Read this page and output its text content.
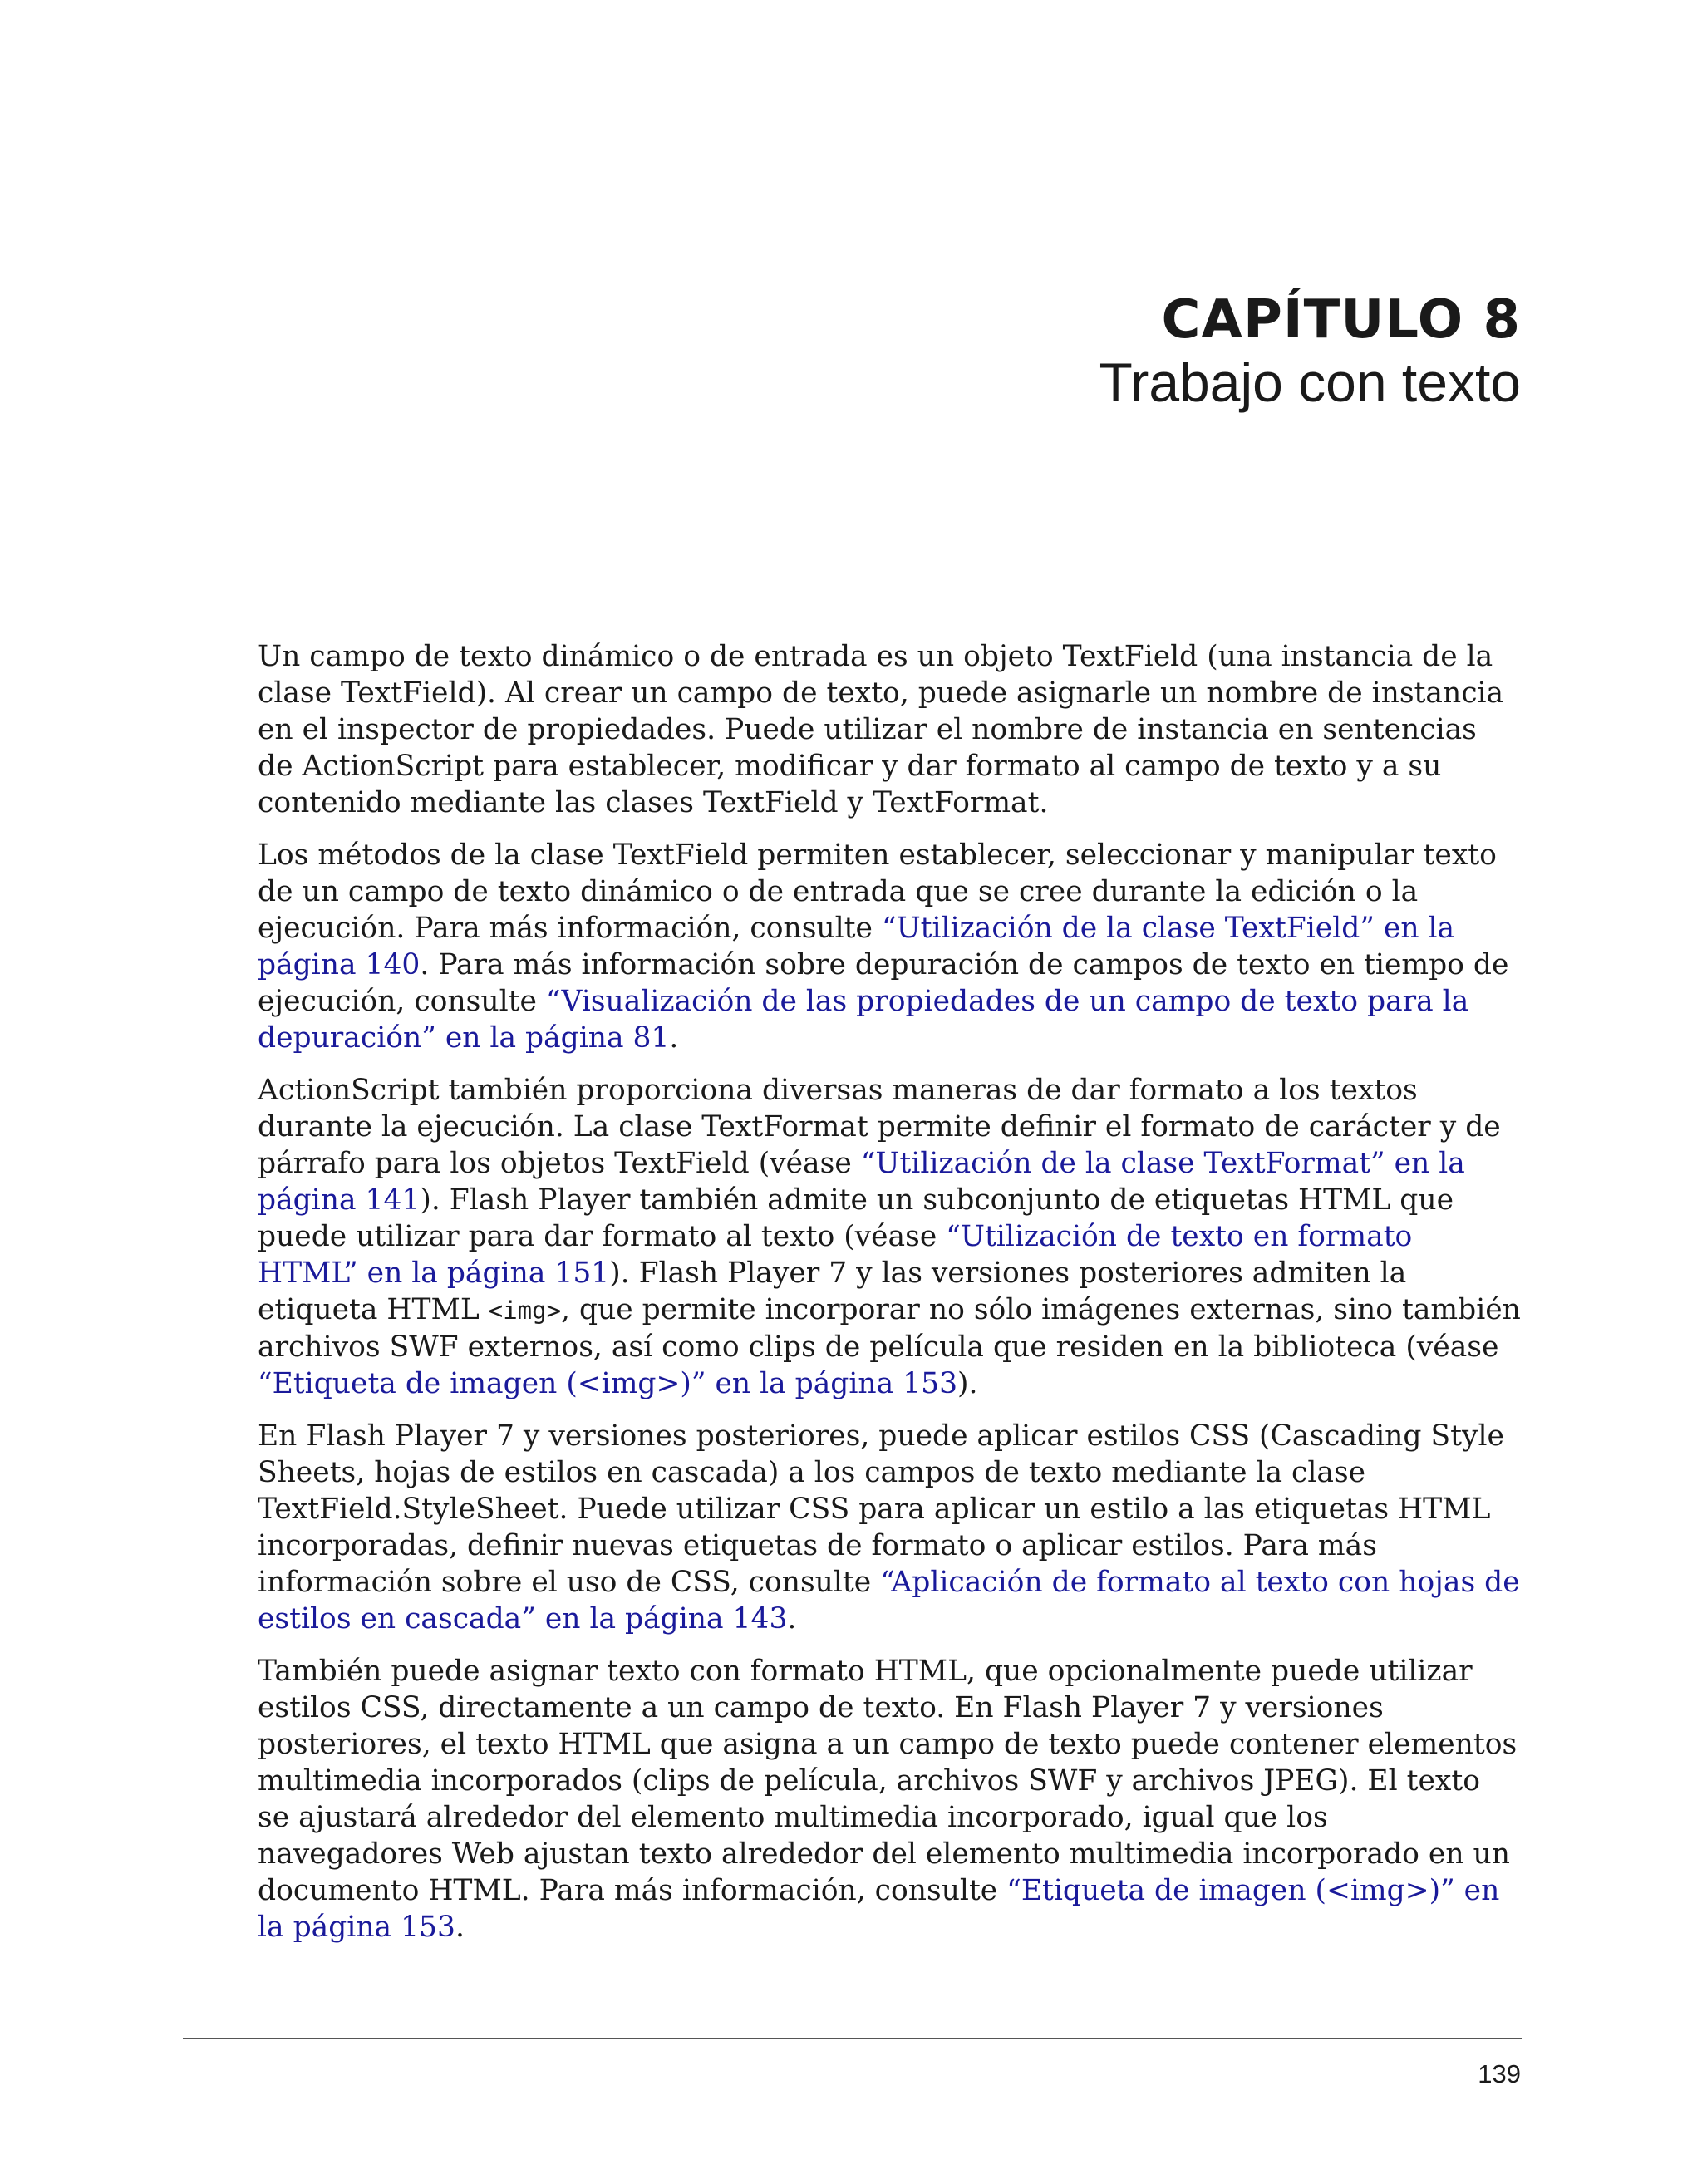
CAPÍTULO 8
Trabajo con texto

Un campo de texto dinámico o de entrada es un objeto TextField (una instancia de la clase TextField). Al crear un campo de texto, puede asignarle un nombre de instancia en el inspector de propiedades. Puede utilizar el nombre de instancia en sentencias de ActionScript para establecer, modificar y dar formato al campo de texto y a su contenido mediante las clases TextField y TextFormat.

Los métodos de la clase TextField permiten establecer, seleccionar y manipular texto de un campo de texto dinámico o de entrada que se cree durante la edición o la ejecución. Para más información, consulte “Utilización de la clase TextField” en la página 140. Para más información sobre depuración de campos de texto en tiempo de ejecución, consulte “Visualización de las propiedades de un campo de texto para la depuración” en la página 81.

ActionScript también proporciona diversas maneras de dar formato a los textos durante la ejecución. La clase TextFormat permite definir el formato de carácter y de párrafo para los objetos TextField (véase “Utilización de la clase TextFormat” en la página 141). Flash Player también admite un subconjunto de etiquetas HTML que puede utilizar para dar formato al texto (véase “Utilización de texto en formato HTML” en la página 151). Flash Player 7 y las versiones posteriores admiten la etiqueta HTML <img>, que permite incorporar no sólo imágenes externas, sino también archivos SWF externos, así como clips de película que residen en la biblioteca (véase “Etiqueta de imagen (<img>)” en la página 153).

En Flash Player 7 y versiones posteriores, puede aplicar estilos CSS (Cascading Style Sheets, hojas de estilos en cascada) a los campos de texto mediante la clase TextField.StyleSheet. Puede utilizar CSS para aplicar un estilo a las etiquetas HTML incorporadas, definir nuevas etiquetas de formato o aplicar estilos. Para más información sobre el uso de CSS, consulte “Aplicación de formato al texto con hojas de estilos en cascada” en la página 143.

También puede asignar texto con formato HTML, que opcionalmente puede utilizar estilos CSS, directamente a un campo de texto. En Flash Player 7 y versiones posteriores, el texto HTML que asigna a un campo de texto puede contener elementos multimedia incorporados (clips de película, archivos SWF y archivos JPEG). El texto se ajustará alrededor del elemento multimedia incorporado, igual que los navegadores Web ajustan texto alrededor del elemento multimedia incorporado en un documento HTML. Para más información, consulte “Etiqueta de imagen (<img>)” en la página 153.

139
